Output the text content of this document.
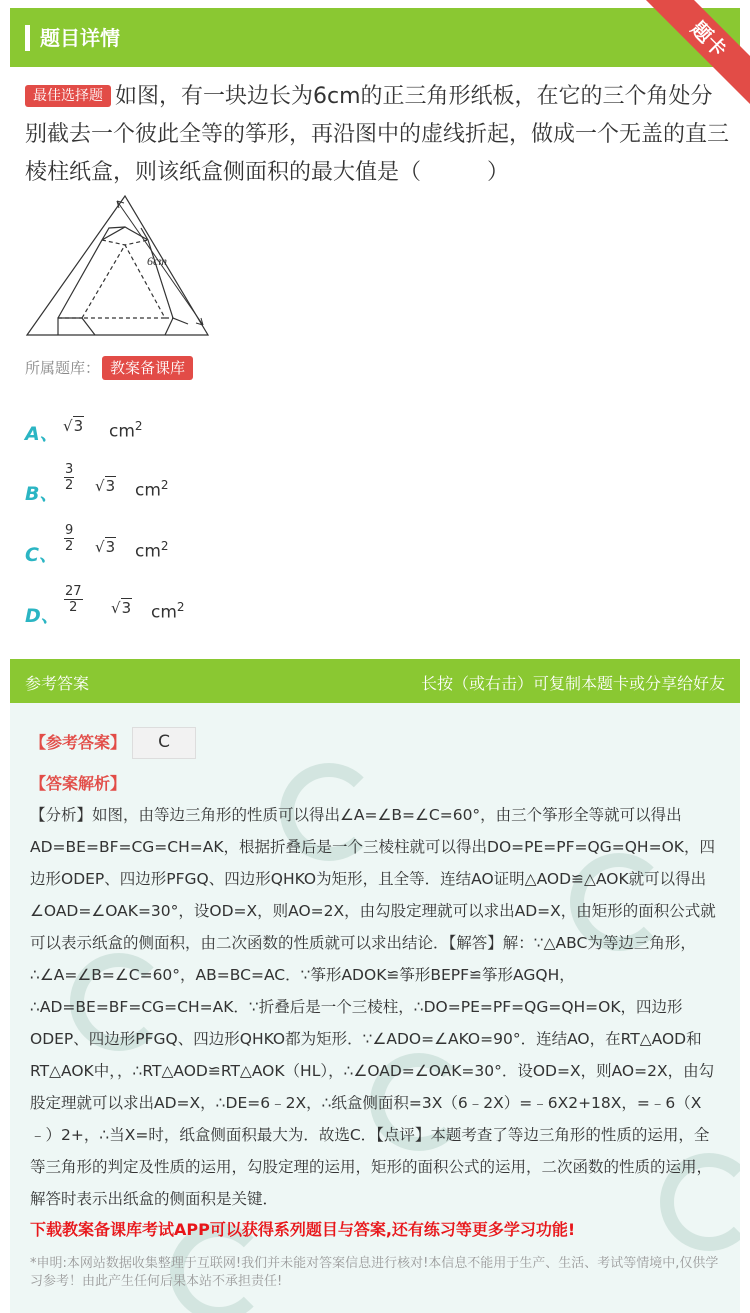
题目详情	题卡
最佳选择题 如图，有一块边长为6cm的正三角形纸板，在它的三个角处分别截去一个彼此全等的筝形，再沿图中的虚线折起，做成一个无盖的直三棱柱纸盒，则该纸盒侧面积的最大值是（　　　）
6cm
所属题库： 教案备课库
A、 √3 $cm^2$
B、
$\frac{3}{2} √3$ $cm^2$
C、
$\frac{9}{2} √3$ $cm^2$
D、
$\frac{27}{2} √3$ $cm^2$
参考答案	长按（或右击）可复制本题卡或分享给好友
【参考答案】	C
【答案解析】
【分析】如图，由等边三角形的性质可以得出∠A=∠B=∠C=60°，由三个筝形全等就可以得出AD=BE=BF=CG=CH=AK，根据折叠后是一个三棱柱就可以得出DO=PE=PF=QG=QH=OK，四边形ODEP、四边形PFGQ、四边形QHKO为矩形，且全等．连结AO证明△AOD≌△AOK就可以得出∠OAD=∠OAK=30°，设OD=X，则AO=2X，由勾股定理就可以求出AD=X，由矩形的面积公式就可以表示纸盒的侧面积，由二次函数的性质就可以求出结论．【解答】解：∵△ABC为等边三角形，∴∠A=∠B=∠C=60°，AB=BC=AC．∵筝形ADOK≌筝形BEPF≌筝形AGQH，∴AD=BE=BF=CG=CH=AK．∵折叠后是一个三棱柱，∴DO=PE=PF=QG=QH=OK，四边形ODEP、四边形PFGQ、四边形QHKO都为矩形．∵∠ADO=∠AKO=90°．连结AO，在RT△AOD和RT△AOK中，，∴RT△AOD≌RT△AOK（HL），∴∠OAD=∠OAK=30°．设OD=X，则AO=2X，由勾股定理就可以求出AD=X，∴DE=6﹣2X，∴纸盒侧面积=3X（6﹣2X）=﹣6X2+18X，=﹣6（X﹣）2+，∴当X=时，纸盒侧面积最大为．故选C．【点评】本题考查了等边三角形的性质的运用，全等三角形的判定及性质的运用，勾股定理的运用，矩形的面积公式的运用，二次函数的性质的运用，解答时表示出纸盒的侧面积是关键．
下载教案备课库考试APP可以获得系列题目与答案,还有练习等更多学习功能!
*申明:本网站数据收集整理于互联网!我们并未能对答案信息进行核对!本信息不能用于生产、生活、考试等情境中,仅供学习参考！由此产生任何后果本站不承担责任!
